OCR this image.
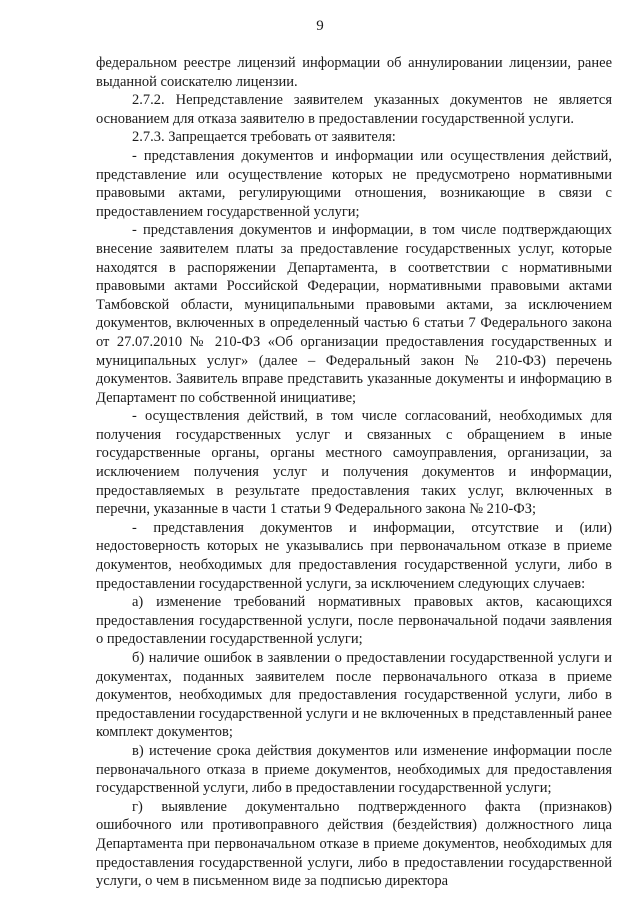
9

федеральном реестре лицензий информации об аннулировании лицензии, ранее выданной соискателю лицензии.

2.7.2. Непредставление заявителем указанных документов не является основанием для отказа заявителю в предоставлении государственной услуги.

2.7.3. Запрещается требовать от заявителя:

- представления документов и информации или осуществления действий, представление или осуществление которых не предусмотрено нормативными правовыми актами, регулирующими отношения, возникающие в связи с предоставлением государственной услуги;

- представления документов и информации, в том числе подтверждающих внесение заявителем платы за предоставление государственных услуг, которые находятся в распоряжении Департамента, в соответствии с нормативными правовыми актами Российской Федерации, нормативными правовыми актами Тамбовской области, муниципальными правовыми актами, за исключением документов, включенных в определенный частью 6 статьи 7 Федерального закона от 27.07.2010 № 210-ФЗ «Об организации предоставления государственных и муниципальных услуг» (далее – Федеральный закон № 210-ФЗ) перечень документов. Заявитель вправе представить указанные документы и информацию в Департамент по собственной инициативе;

- осуществления действий, в том числе согласований, необходимых для получения государственных услуг и связанных с обращением в иные государственные органы, органы местного самоуправления, организации, за исключением получения услуг и получения документов и информации, предоставляемых в результате предоставления таких услуг, включенных в перечни, указанные в части 1 статьи 9 Федерального закона № 210-ФЗ;

- представления документов и информации, отсутствие и (или) недостоверность которых не указывались при первоначальном отказе в приеме документов, необходимых для предоставления государственной услуги, либо в предоставлении государственной услуги, за исключением следующих случаев:

а) изменение требований нормативных правовых актов, касающихся предоставления государственной услуги, после первоначальной подачи заявления о предоставлении государственной услуги;

б) наличие ошибок в заявлении о предоставлении государственной услуги и документах, поданных заявителем после первоначального отказа в приеме документов, необходимых для предоставления государственной услуги, либо в предоставлении государственной услуги и не включенных в представленный ранее комплект документов;

в) истечение срока действия документов или изменение информации после первоначального отказа в приеме документов, необходимых для предоставления государственной услуги, либо в предоставлении государственной услуги;

г) выявление документально подтвержденного факта (признаков) ошибочного или противоправного действия (бездействия) должностного лица Департамента при первоначальном отказе в приеме документов, необходимых для предоставления государственной услуги, либо в предоставлении государственной услуги, о чем в письменном виде за подписью директора
